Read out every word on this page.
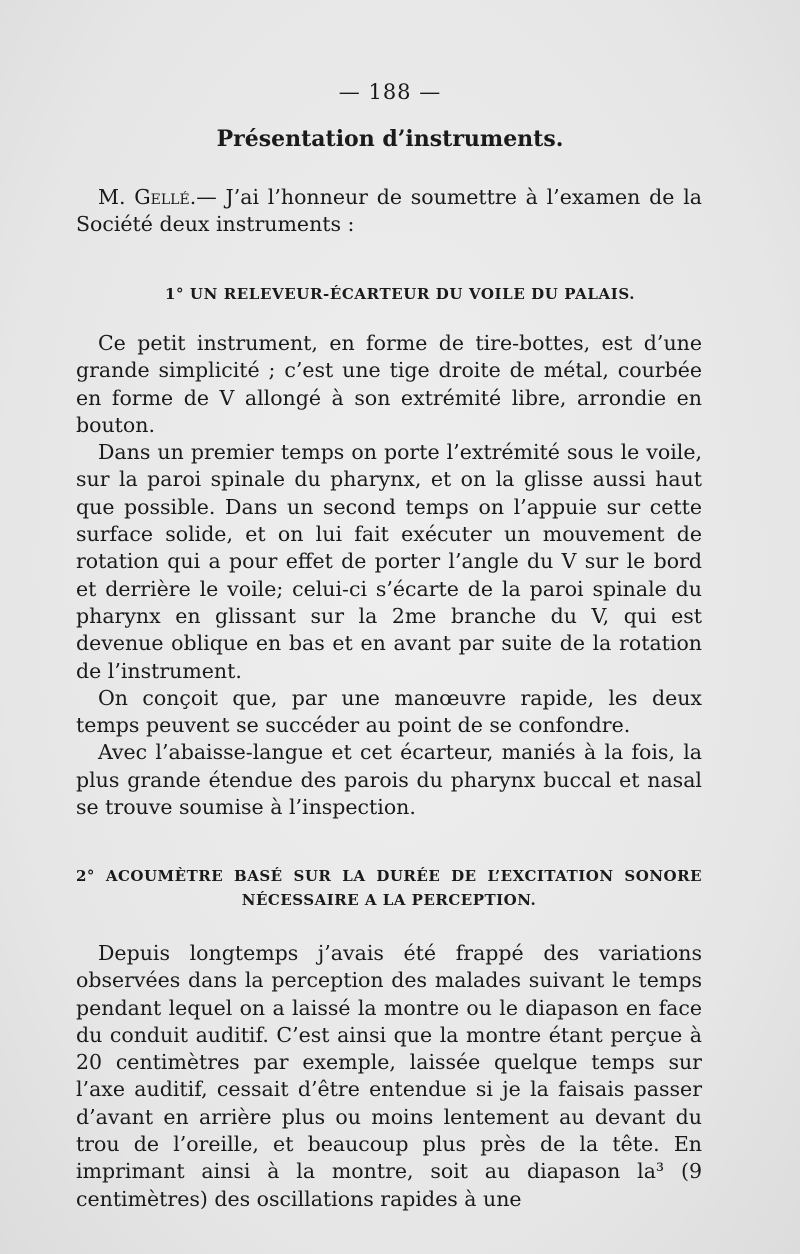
— 188 —
Présentation d’instruments.

M. Gellé.— J’ai l’honneur de soumettre à l’examen de la Société deux instruments :

1° UN RELEVEUR-ÉCARTEUR DU VOILE DU PALAIS.

Ce petit instrument, en forme de tire-bottes, est d’une grande simplicité ; c’est une tige droite de métal, courbée en forme de V allongé à son extrémité libre, arrondie en bouton.

Dans un premier temps on porte l’extrémité sous le voile, sur la paroi spinale du pharynx, et on la glisse aussi haut que possible. Dans un second temps on l’appuie sur cette surface solide, et on lui fait exécuter un mouvement de rotation qui a pour effet de porter l’angle du V sur le bord et derrière le voile; celui-ci s’écarte de la paroi spinale du pharynx en glissant sur la 2me branche du V, qui est devenue oblique en bas et en avant par suite de la rotation de l’instrument.

On conçoit que, par une manœuvre rapide, les deux temps peuvent se succéder au point de se confondre.

Avec l’abaisse-langue et cet écarteur, maniés à la fois, la plus grande étendue des parois du pharynx buccal et nasal se trouve soumise à l’inspection.

2° ACOUMÈTRE BASÉ SUR LA DURÉE DE L’EXCITATION SONORE
NÉCESSAIRE A LA PERCEPTION.

Depuis longtemps j’avais été frappé des variations observées dans la perception des malades suivant le temps pendant lequel on a laissé la montre ou le diapason en face du conduit auditif. C’est ainsi que la montre étant perçue à 20 centimètres par exemple, laissée quelque temps sur l’axe auditif, cessait d’être entendue si je la faisais passer d’avant en arrière plus ou moins lentement au devant du trou de l’oreille, et beaucoup plus près de la tête. En imprimant ainsi à la montre, soit au diapason la³ (9 centimètres) des oscillations rapides à une
